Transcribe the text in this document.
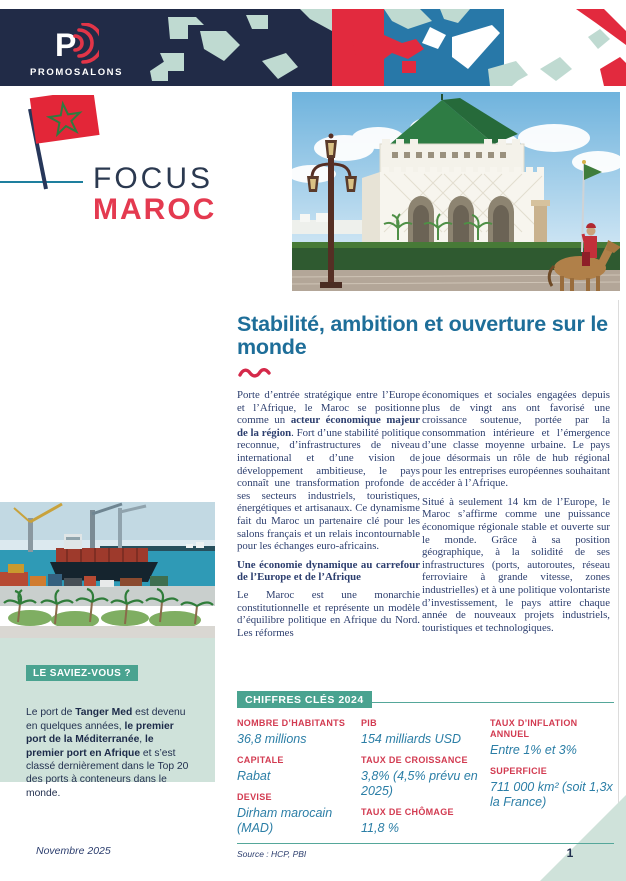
P
PROMOSALONS
FOCUS
MAROC
Stabilité, ambition et ouverture sur le monde

Porte d’entrée stratégique entre l’Europe et l’Afrique, le Maroc se positionne comme un acteur économique majeur de la région. Fort d’une stabilité politique reconnue, d’infrastructures de niveau international et d’une vision de développement ambitieuse, le pays connaît une transformation profonde de ses secteurs industriels, touristiques, énergétiques et artisanaux. Ce dynamisme fait du Maroc un partenaire clé pour les salons français et un relais incontournable pour les échanges euro-africains.

Une économie dynamique au carrefour de l’Europe et de l’Afrique

Le Maroc est une monarchie constitutionnelle et représente un modèle d’équilibre politique en Afrique du Nord. Les réformes

économiques et sociales engagées depuis plus de vingt ans ont favorisé une croissance soutenue, portée par la consommation intérieure et l’émergence d’une classe moyenne urbaine. Le pays joue désormais un rôle de hub régional pour les entreprises européennes souhaitant accéder à l’Afrique.

Situé à seulement 14 km de l’Europe, le Maroc s’affirme comme une puissance économique régionale stable et ouverte sur le monde. Grâce à sa position géographique, à la solidité de ses infrastructures (ports, autoroutes, réseau ferroviaire à grande vitesse, zones industrielles) et à une politique volontariste d’investissement, le pays attire chaque année de nouveaux projets industriels, touristiques et technologiques.

LE SAVIEZ-VOUS ?

Le port de Tanger Med est devenu en quelques années, le premier port de la Méditerranée, le premier port en Afrique et s’est classé dernièrement dans le Top 20 des ports à conteneurs dans le monde.

CHIFFRES CLÉS 2024
NOMBRE D’HABITANTS
36,8 millions
CAPITALE
Rabat
DEVISE
Dirham marocain (MAD)
PIB
154 milliards USD
TAUX DE CROISSANCE
3,8% (4,5% prévu en 2025)
TAUX DE CHÔMAGE
11,8 %
TAUX D’INFLATION ANNUEL
Entre 1% et 3%
SUPERFICIE
711 000 km² (soit 1,3x la France)
Source : HCP, PBI
Novembre 2025	1
